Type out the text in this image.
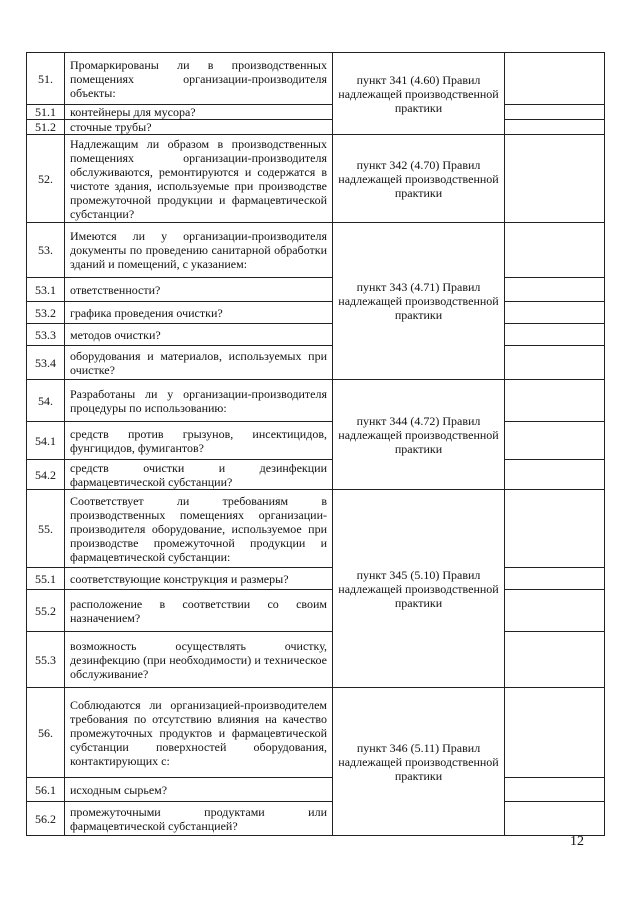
51.	Промаркированы ли в производственных помещениях организации-производителя объекты:	пункт 341 (4.60) Правил надлежащей производственной практики	
51.1	контейнеры для мусора?		
51.2	сточные трубы?		
52.	Надлежащим ли образом в производственных помещениях организации-производителя обслуживаются, ремонтируются и содержатся в чистоте здания, используемые при производстве промежуточной продукции и фармацевтической субстанции?	пункт 342 (4.70) Правил надлежащей производственной практики	
53.	Имеются ли у организации-производителя документы по проведению санитарной обработки зданий и помещений, с указанием:	пункт 343 (4.71) Правил надлежащей производственной практики	
53.1	ответственности?		
53.2	графика проведения очистки?		
53.3	методов очистки?		
53.4	оборудования и материалов, используемых при очистке?		
54.	Разработаны ли у организации-производителя процедуры по использованию:	пункт 344 (4.72) Правил надлежащей производственной практики	
54.1	средств против грызунов, инсектицидов, фунгицидов, фумигантов?		
54.2	средств очистки и дезинфекции фармацевтической субстанции?		
55.	Соответствует ли требованиям в производственных помещениях организации-производителя оборудование, используемое при производстве промежуточной продукции и фармацевтической субстанции:	пункт 345 (5.10) Правил надлежащей производственной практики	
55.1	соответствующие конструкция и размеры?		
55.2	расположение в соответствии со своим назначением?		
55.3	возможность осуществлять очистку, дезинфекцию (при необходимости) и техническое обслуживание?		
56.	Соблюдаются ли организацией-производителем требования по отсутствию влияния на качество промежуточных продуктов и фармацевтической субстанции поверхностей оборудования, контактирующих с:	пункт 346 (5.11) Правил надлежащей производственной практики	
56.1	исходным сырьем?		
56.2	промежуточными продуктами или фармацевтической субстанцией?		
12
